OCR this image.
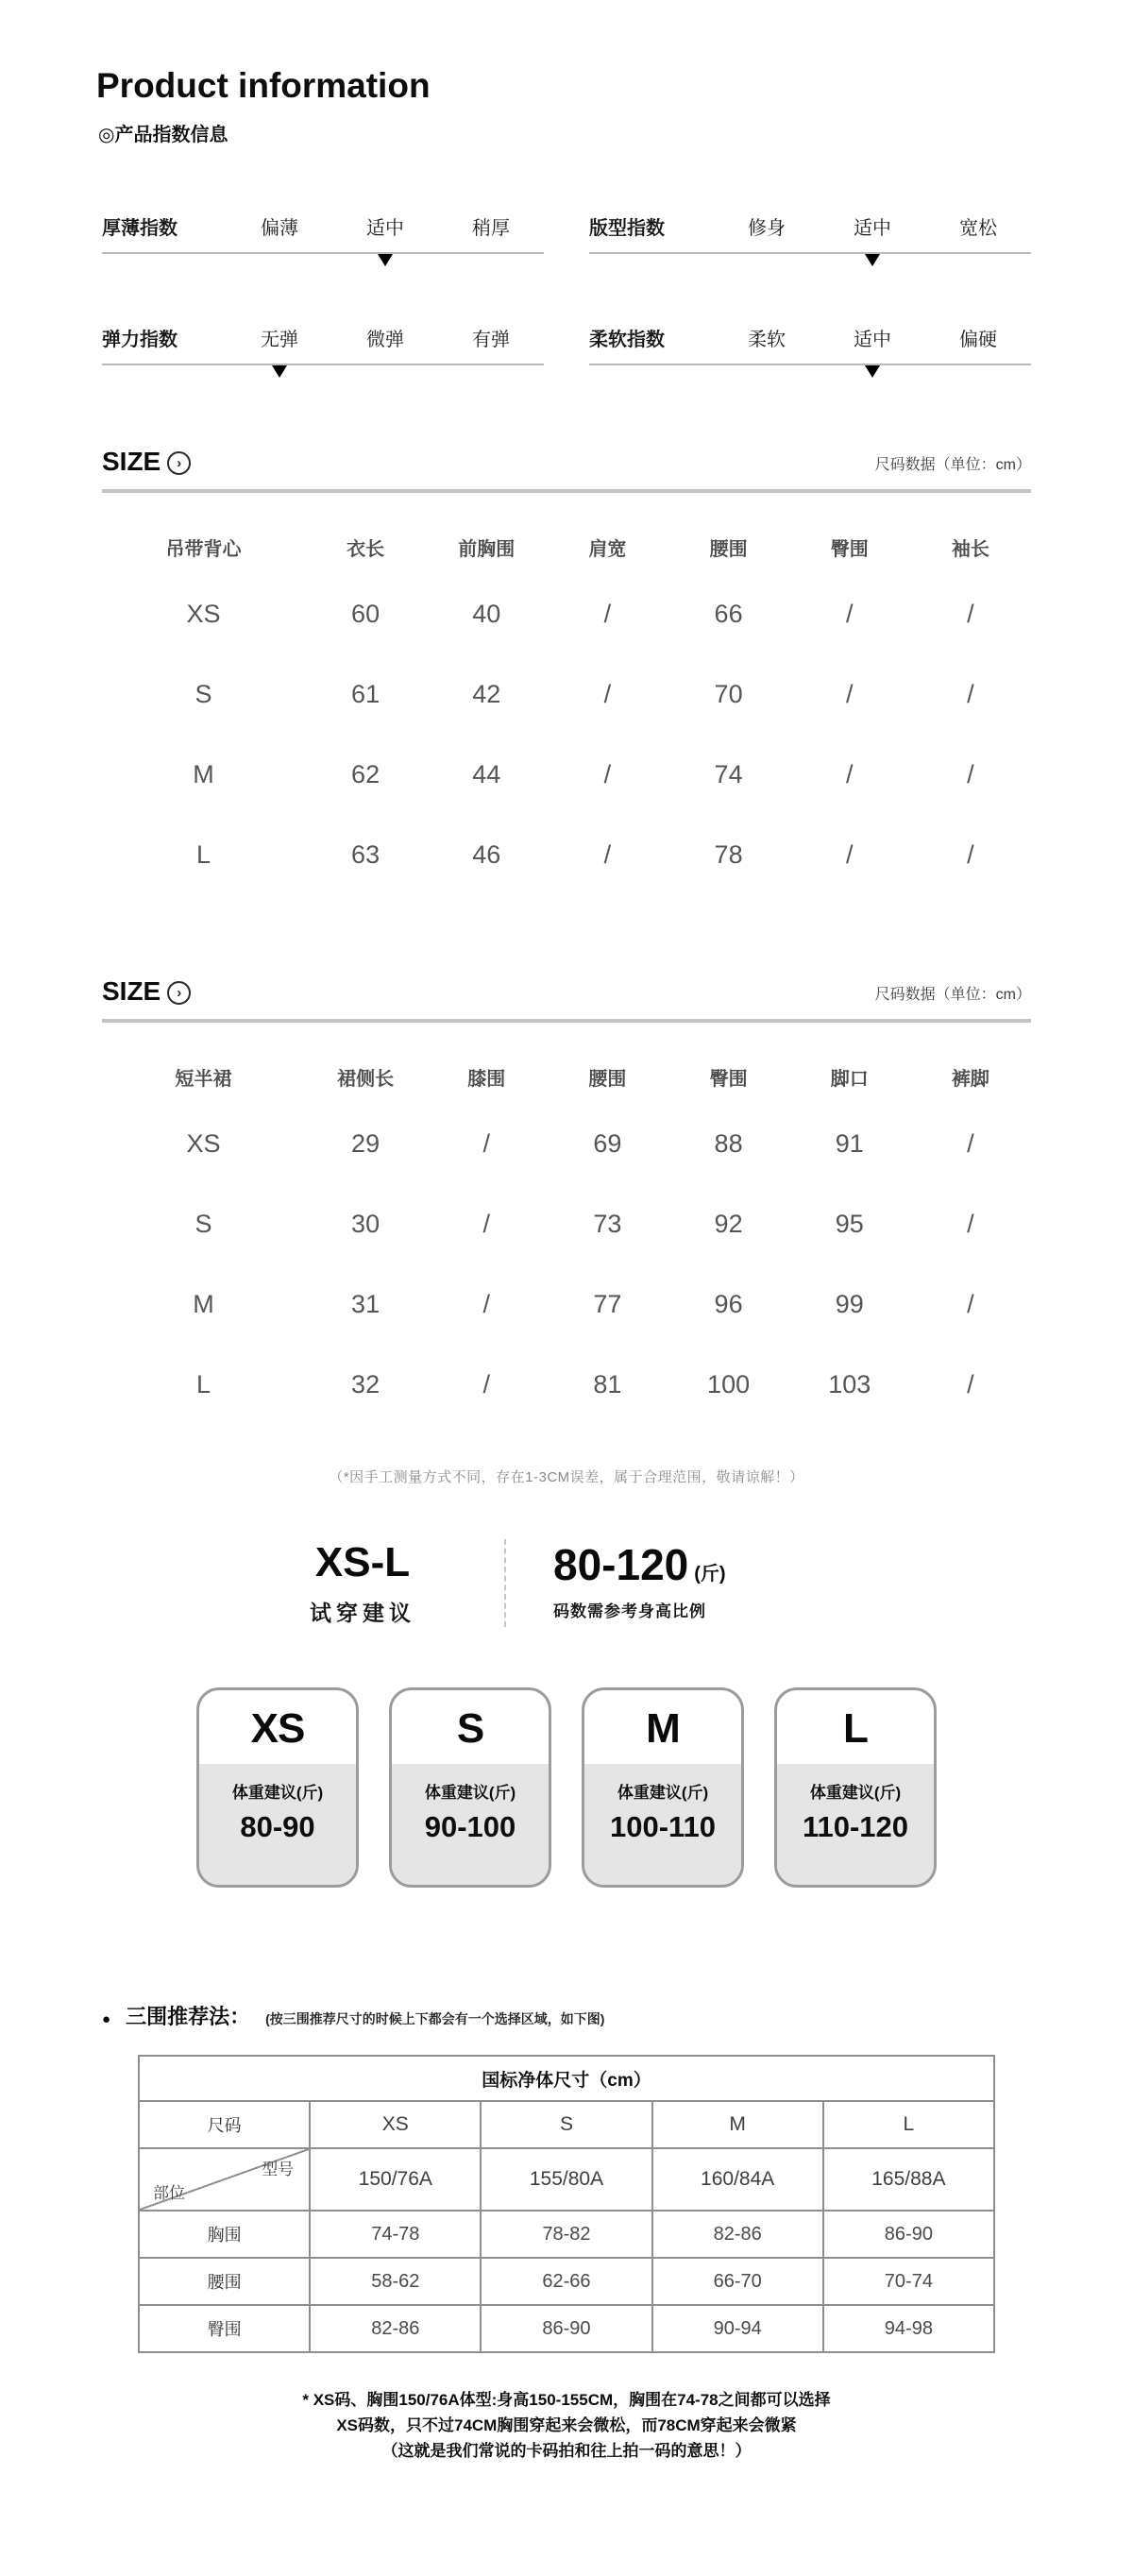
Product information
◎产品指数信息
厚薄指数	偏薄	适中	稍厚	版型指数	修身	适中	宽松
弹力指数	无弹	微弹	有弹	柔软指数	柔软	适中	偏硬
SIZE ›	尺码数据（单位：cm）
吊带背心	衣长	前胸围	肩宽	腰围	臀围	袖长
XS	60	40	/	66	/	/
S	61	42	/	70	/	/
M	62	44	/	74	/	/
L	63	46	/	78	/	/
SIZE ›	尺码数据（单位：cm）
短半裙	裙侧长	膝围	腰围	臀围	脚口	裤脚
XS	29	/	69	88	91	/
S	30	/	73	92	95	/
M	31	/	77	96	99	/
L	32	/	81	100	103	/
（*因手工测量方式不同，存在1-3CM误差，属于合理范围，敬请谅解！）
XS-L
试穿建议
80-120 (斤)
码数需参考身高比例
XS
体重建议(斤)
80-90
S
体重建议(斤)
90-100
M
体重建议(斤)
100-110
L
体重建议(斤)
110-120
● 三围推荐法： (按三围推荐尺寸的时候上下都会有一个选择区域，如下图)
国标净体尺寸（cm）				
尺码	XS	S	M	L

型号
部位	150/76A	155/80A	160/84A	165/88A
胸围	74-78	78-82	82-86	86-90
腰围	58-62	62-66	66-70	70-74
臀围	82-86	86-90	90-94	94-98
* XS码、胸围150/76A体型:身高150-155CM，胸围在74-78之间都可以选择
XS码数，只不过74CM胸围穿起来会微松，而78CM穿起来会微紧
（这就是我们常说的卡码拍和往上拍一码的意思！）
